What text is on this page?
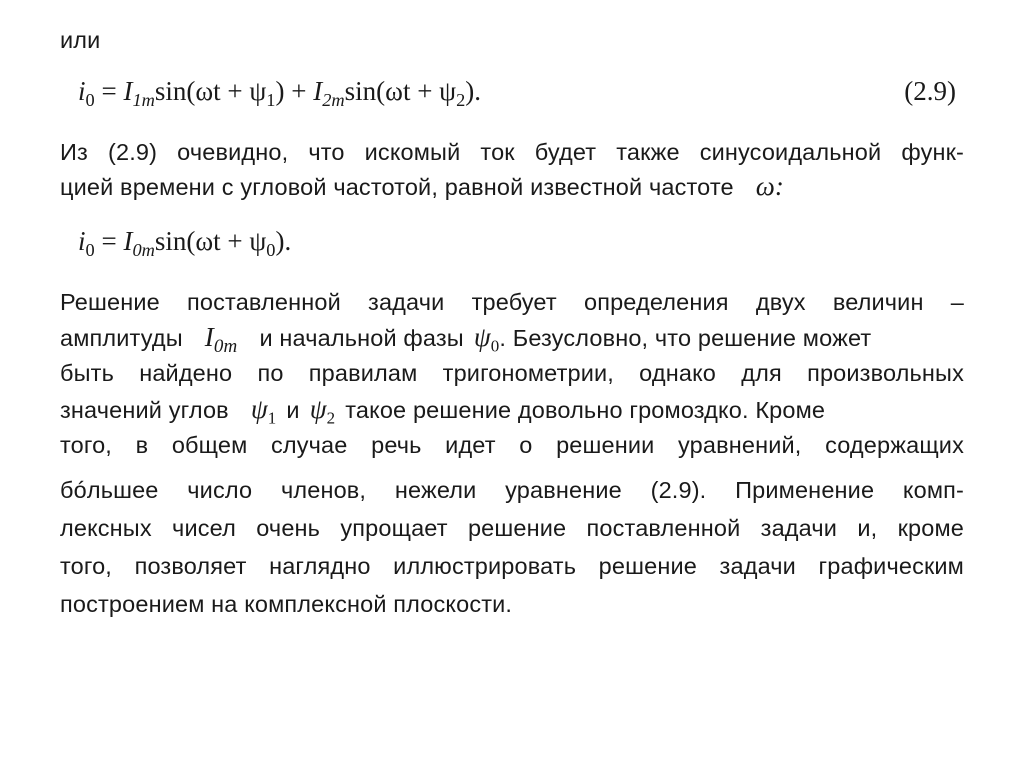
или
$i_0 = I_{1m}\sin(\omega t + \psi_1) + I_{2m}\sin(\omega t + \psi_2)$.	(2.9)
Из (2.9) очевидно, что искомый ток будет также синусоидальной функ-
цией времени с угловой частотой, равной известной частоте ω:
$i_0 = I_{0m}\sin(\omega t + \psi_0)$.
Решение поставленной задачи требует определения двух величин –
амплитуды $I_{0m}$ и начальной фазы $\psi_0$. Безусловно, что решение может
быть найдено по правилам тригонометрии, однако для произвольных
значений углов $\psi_1$ и $\psi_2$ такое решение довольно громоздко. Кроме
того, в общем случае речь идет о решении уравнений, содержащих
бóльшее число членов, нежели уравнение (2.9). Применение комп-
лексных чисел очень упрощает решение поставленной задачи и, кроме
того, позволяет наглядно иллюстрировать решение задачи графическим
построением на комплексной плоскости.
